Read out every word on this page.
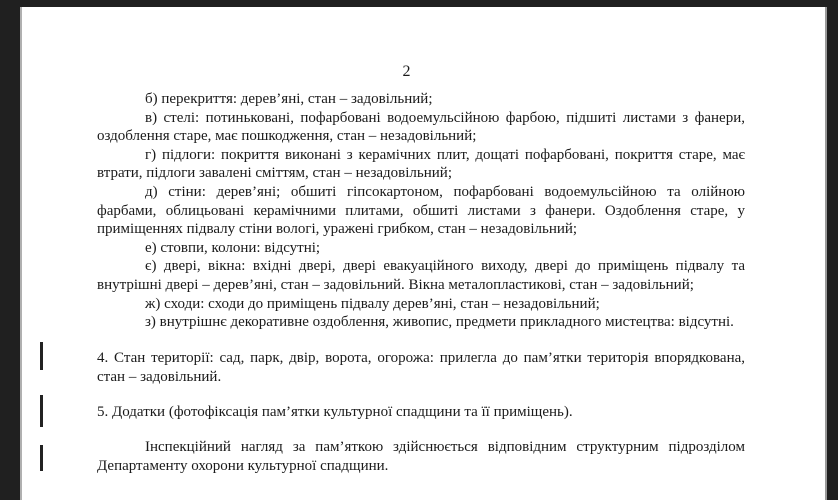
2

б) перекриття: дерев’яні, стан – задовільний;

в) стелі: потиньковані, пофарбовані водоемульсійною фарбою, підшиті листами з фанери, оздоблення старе, має пошкодження, стан – незадовільний;

г) підлоги: покриття виконані з керамічних плит, дощаті пофарбовані, покриття старе, має втрати, підлоги завалені сміттям, стан – незадовільний;

д) стіни: дерев’яні; обшиті гіпсокартоном, пофарбовані водоемульсійною та олійною фарбами, облицьовані керамічними плитами, обшиті листами з фанери. Оздоблення старе, у приміщеннях підвалу стіни вологі, уражені грибком, стан – незадовільний;

е) стовпи, колони: відсутні;

є) двері, вікна: вхідні двері, двері евакуаційного виходу, двері до приміщень підвалу та внутрішні двері – дерев’яні, стан – задовільний. Вікна металопластикові, стан – задовільний;

ж) сходи: сходи до приміщень підвалу дерев’яні, стан – незадовільний;

з) внутрішнє декоративне оздоблення, живопис, предмети прикладного мистецтва: відсутні.

4. Стан території: сад, парк, двір, ворота, огорожа: прилегла до пам’ятки територія впорядкована, стан – задовільний.

5. Додатки (фотофіксація пам’ятки культурної спадщини та її приміщень).

Інспекційний нагляд за пам’яткою здійснюється відповідним структурним підрозділом Департаменту охорони культурної спадщини.
